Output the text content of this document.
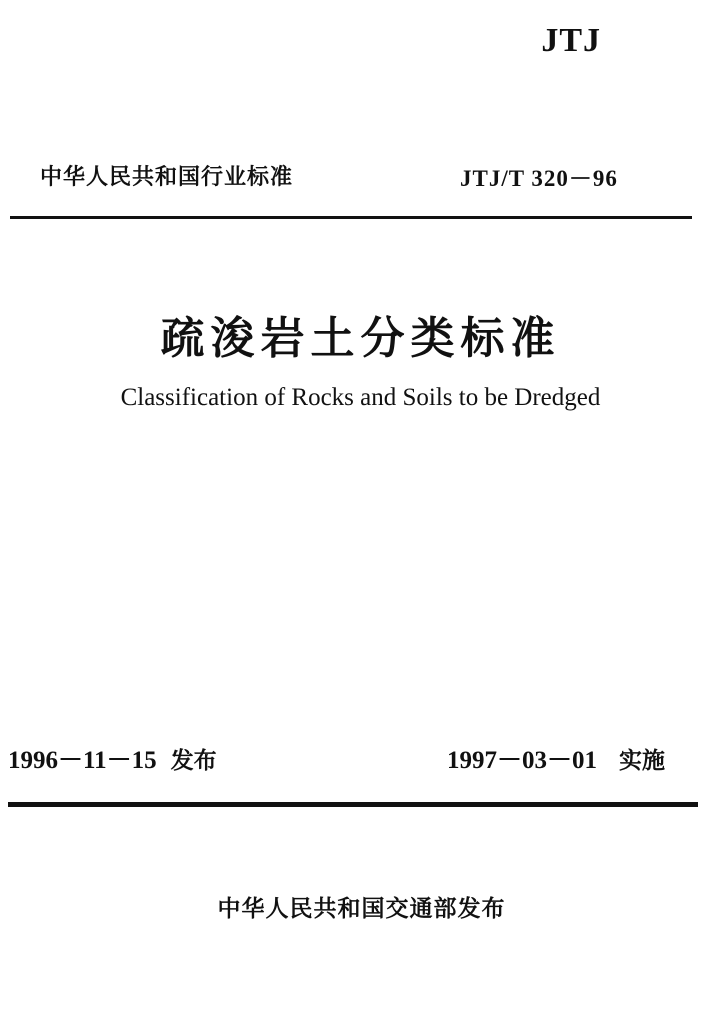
JTJ
中华人民共和国行业标准	JTJ/T 320－96
疏浚岩土分类标准
Classification of Rocks and Soils to be Dredged
1996－11－15 发布	1997－03－01 实施
中华人民共和国交通部发布
